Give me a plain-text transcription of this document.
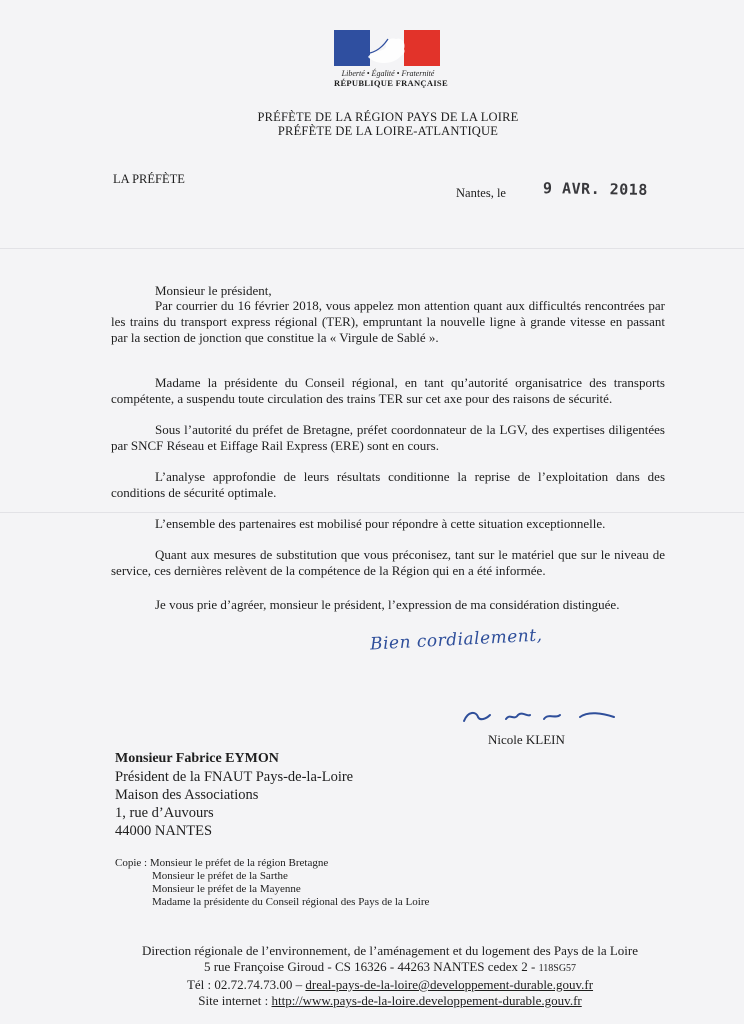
Liberté • Égalité • Fraternité
RÉPUBLIQUE FRANÇAISE
PRÉFÈTE DE LA RÉGION PAYS DE LA LOIRE
PRÉFÈTE DE LA LOIRE-ATLANTIQUE
LA PRÉFÈTE
Nantes, le 9 AVR. 2018
Monsieur le président,

Par courrier du 16 février 2018, vous appelez mon attention quant aux difficultés rencontrées par les trains du transport express régional (TER), empruntant la nouvelle ligne à grande vitesse en passant par la section de jonction que constitue la « Virgule de Sablé ».

Madame la présidente du Conseil régional, en tant qu’autorité organisatrice des transports compétente, a suspendu toute circulation des trains TER sur cet axe pour des raisons de sécurité.

Sous l’autorité du préfet de Bretagne, préfet coordonnateur de la LGV, des expertises diligentées par SNCF Réseau et Eiffage Rail Express (ERE) sont en cours.

L’analyse approfondie de leurs résultats conditionne la reprise de l’exploitation dans des conditions de sécurité optimale.

L’ensemble des partenaires est mobilisé pour répondre à cette situation exceptionnelle.

Quant aux mesures de substitution que vous préconisez, tant sur le matériel que sur le niveau de service, ces dernières relèvent de la compétence de la Région qui en a été informée.

Je vous prie d’agréer, monsieur le président, l’expression de ma considération distinguée.

Bien cordialement,
Nicole KLEIN
Monsieur Fabrice EYMON
Président de la FNAUT Pays-de-la-Loire
Maison des Associations
1, rue d’Auvours
44000 NANTES
Copie : Monsieur le préfet de la région Bretagne
Monsieur le préfet de la Sarthe
Monsieur le préfet de la Mayenne
Madame la présidente du Conseil régional des Pays de la Loire
Direction régionale de l’environnement, de l’aménagement et du logement des Pays de la Loire
5 rue Françoise Giroud - CS 16326 - 44263 NANTES cedex 2 - 118SG57
Tél : 02.72.74.73.00 – dreal-pays-de-la-loire@developpement-durable.gouv.fr
Site internet : http://www.pays-de-la-loire.developpement-durable.gouv.fr
